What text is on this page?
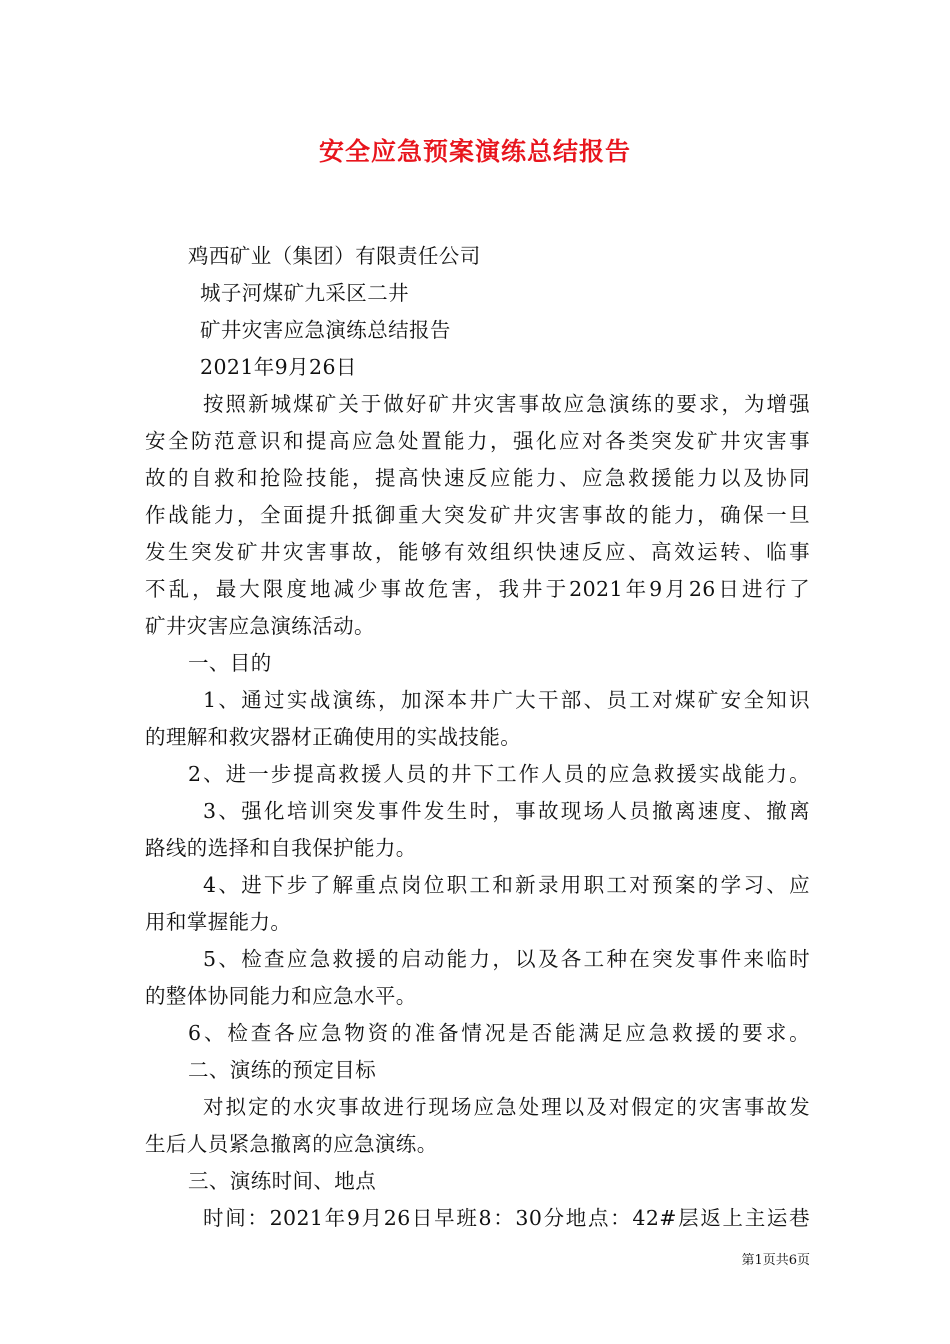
安全应急预案演练总结报告
鸡西矿业（集团）有限责任公司
城子河煤矿九采区二井
矿井灾害应急演练总结报告
2021年9月26日
按照新城煤矿关于做好矿井灾害事故应急演练的要求，为增强
安全防范意识和提高应急处置能力，强化应对各类突发矿井灾害事
故的自救和抢险技能，提高快速反应能力、应急救援能力以及协同
作战能力，全面提升抵御重大突发矿井灾害事故的能力，确保一旦
发生突发矿井灾害事故，能够有效组织快速反应、高效运转、临事
不乱，最大限度地减少事故危害，我井于2021年9月26日进行了
矿井灾害应急演练活动。
一、目的
1、通过实战演练，加深本井广大干部、员工对煤矿安全知识
的理解和救灾器材正确使用的实战技能。
2、进一步提高救援人员的井下工作人员的应急救援实战能力。
3、强化培训突发事件发生时，事故现场人员撤离速度、撤离
路线的选择和自我保护能力。
4、进下步了解重点岗位职工和新录用职工对预案的学习、应
用和掌握能力。
5、检查应急救援的启动能力，以及各工种在突发事件来临时
的整体协同能力和应急水平。
6、检查各应急物资的准备情况是否能满足应急救援的要求。
二、演练的预定目标
对拟定的水灾事故进行现场应急处理以及对假定的灾害事故发
生后人员紧急撤离的应急演练。
三、演练时间、地点
时间：2021年9月26日早班8：30分地点：42#层返上主运巷
第1页共6页
